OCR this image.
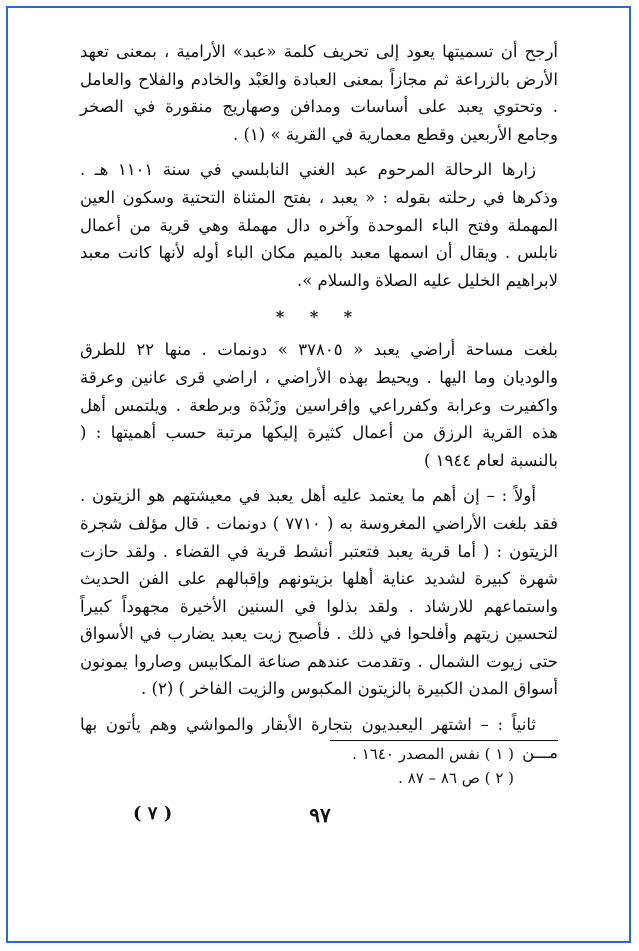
أرجح أن تسميتها يعود إلى تحريف كلمة «عبد» الأرامية ، بمعنى تعهد الأرض بالزراعة ثم مجازاً بمعنى العبادة والعَبْد والخادم والفلاح والعامل . وتحتوي يعبد على أساسات ومدافن وصهاريج منقورة في الصخر وجامع الأربعين وقطع معمارية في القرية » (١) .

زارها الرحالة المرحوم عبد الغني النابلسي في سنة ١١٠١ هـ . وذكرها في رحلته بقوله : « يعبد ، بفتح المثناة التحتية وسكون العين المهملة وفتح الباء الموحدة وآخره دال مهملة وهي قرية من أعمال نابلس . ويقال أن اسمها معبد بالميم مكان الباء أوله لأنها كانت معبد لابراهيم الخليل عليه الصلاة والسلام ».

* * *

بلغت مساحة أراضي يعبد « ٣٧٨٠٥ » دونمات . منها ٢٢ للطرق والوديان وما اليها . ويحيط بهذه الأراضي ، اراضي قرى عانين وعرقة واكفيرت وعرابة وكفرراعي وإفراسين وزَبْدَة وبرطعة . ويلتمس أهل هذه القرية الرزق من أعمال كثيرة إليكها مرتبة حسب أهميتها : ( بالنسبة لعام ١٩٤٤ )

أولاً : – إن أهم ما يعتمد عليه أهل يعبد في معيشتهم هو الزيتون . فقد بلغت الأراضي المغروسة به ( ٧٧١٠ ) دونمات . قال مؤلف شجرة الزيتون : ( أما قرية يعبد فتعتبر أنشط قرية في القضاء . ولقد حازت شهرة كبيرة لشديد عناية أهلها بزيتونهم وإقبالهم على الفن الحديث واستماعهم للارشاد . ولقد بذلوا في السنين الأخيرة مجهوداً كبيراً لتحسين زيتهم وأفلحوا في ذلك . فأصبح زيت يعبد يضارب في الأسواق حتى زيوت الشمال . وتقدمت عندهم صناعة المكابيس وصاروا يمونون أسواق المدن الكبيرة بالزيتون المكبوس والزيت الفاخر ) (٢) .

ثانياً : – اشتهر اليعبديون بتجارة الأبقار والمواشي وهم يأتون بها مـــن

( ١ ) نفس المصدر ١٦٤٠ .
( ٢ ) ص ٨٦ – ٨٧ .
٩٧
( ٧ )
